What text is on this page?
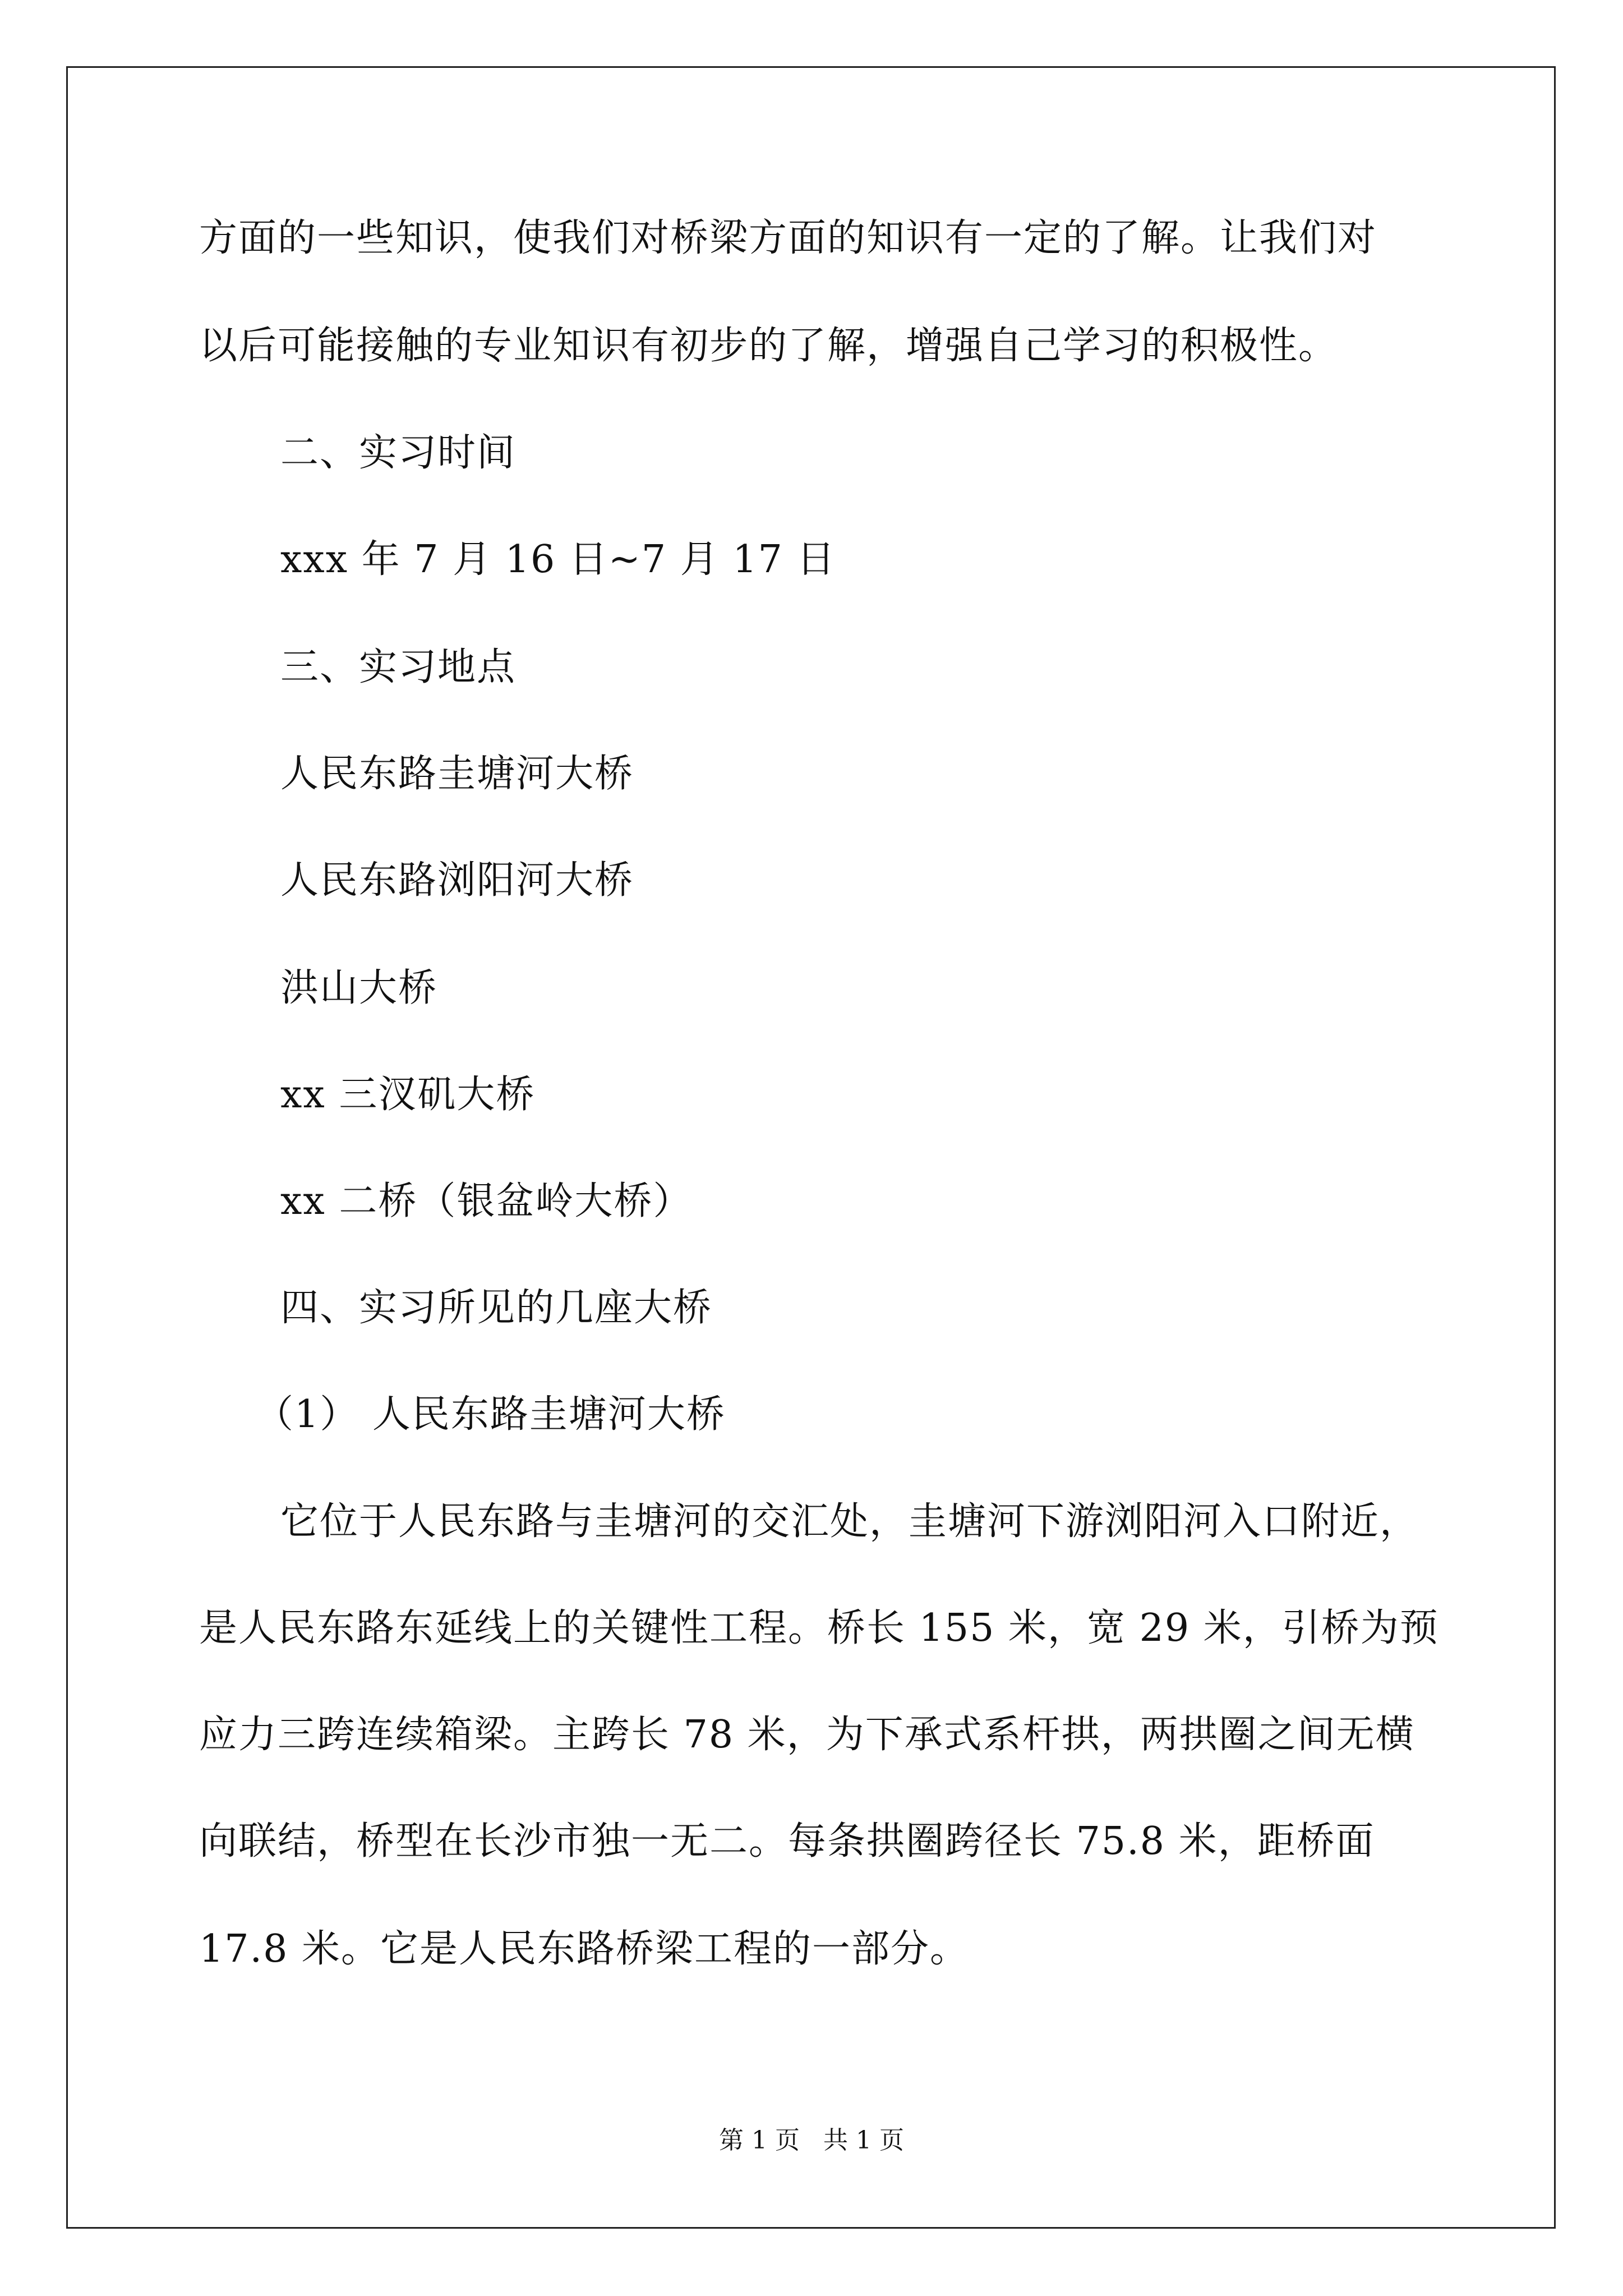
方面的一些知识，使我们对桥梁方面的知识有一定的了解。让我们对
以后可能接触的专业知识有初步的了解，增强自己学习的积极性。
二、实习时间
xxx 年 7 月 16 日~7 月 17 日
三、实习地点
人民东路圭塘河大桥
人民东路浏阳河大桥
洪山大桥
xx 三汊矶大桥
xx 二桥（银盆岭大桥）
四、实习所见的几座大桥
（1） 人民东路圭塘河大桥
它位于人民东路与圭塘河的交汇处，圭塘河下游浏阳河入口附近，
是人民东路东延线上的关键性工程。桥长 155 米，宽 29 米，引桥为预
应力三跨连续箱梁。主跨长 78 米，为下承式系杆拱，两拱圈之间无横
向联结，桥型在长沙市独一无二。每条拱圈跨径长 75.8 米，距桥面
17.8 米。它是人民东路桥梁工程的一部分。
第 1 页   共 1 页
